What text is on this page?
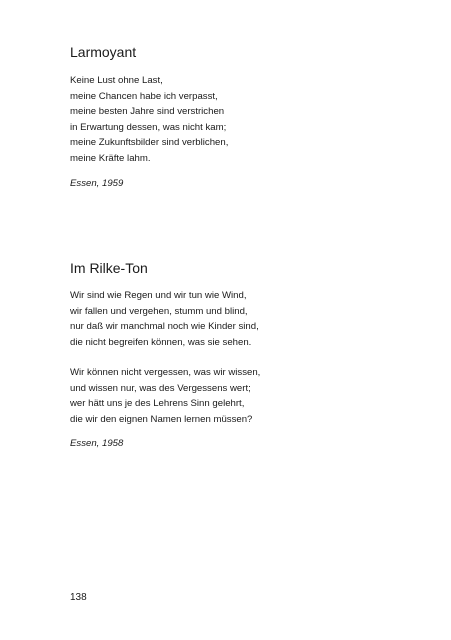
Larmoyant

Keine Lust ohne Last,
meine Chancen habe ich verpasst,
meine besten Jahre sind verstrichen
in Erwartung dessen, was nicht kam;
meine Zukunftsbilder sind verblichen,
meine Kräfte lahm.

Essen, 1959

Im Rilke-Ton

Wir sind wie Regen und wir tun wie Wind,
wir fallen und vergehen, stumm und blind,
nur daß wir manchmal noch wie Kinder sind,
die nicht begreifen können, was sie sehen.

Wir können nicht vergessen, was wir wissen,
und wissen nur, was des Vergessens wert;
wer hätt uns je des Lehrens Sinn gelehrt,
die wir den eignen Namen lernen müssen?

Essen, 1958

138
